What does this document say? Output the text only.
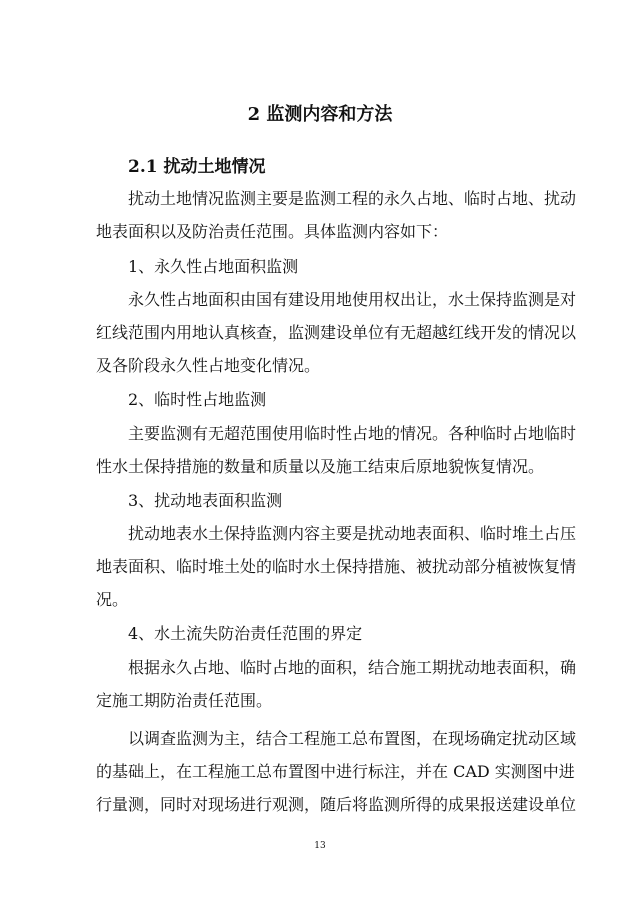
2 监测内容和方法
2.1 扰动土地情况
扰动土地情况监测主要是监测工程的永久占地、临时占地、扰动
地表面积以及防治责任范围。具体监测内容如下：
1、永久性占地面积监测
永久性占地面积由国有建设用地使用权出让，水土保持监测是对
红线范围内用地认真核查，监测建设单位有无超越红线开发的情况以
及各阶段永久性占地变化情况。
2、临时性占地监测
主要监测有无超范围使用临时性占地的情况。各种临时占地临时
性水土保持措施的数量和质量以及施工结束后原地貌恢复情况。
3、扰动地表面积监测
扰动地表水土保持监测内容主要是扰动地表面积、临时堆土占压
地表面积、临时堆土处的临时水土保持措施、被扰动部分植被恢复情
况。
4、水土流失防治责任范围的界定
根据永久占地、临时占地的面积，结合施工期扰动地表面积，确
定施工期防治责任范围。
以调查监测为主，结合工程施工总布置图，在现场确定扰动区域
的基础上，在工程施工总布置图中进行标注，并在 CAD 实测图中进
行量测，同时对现场进行观测，随后将监测所得的成果报送建设单位
13
